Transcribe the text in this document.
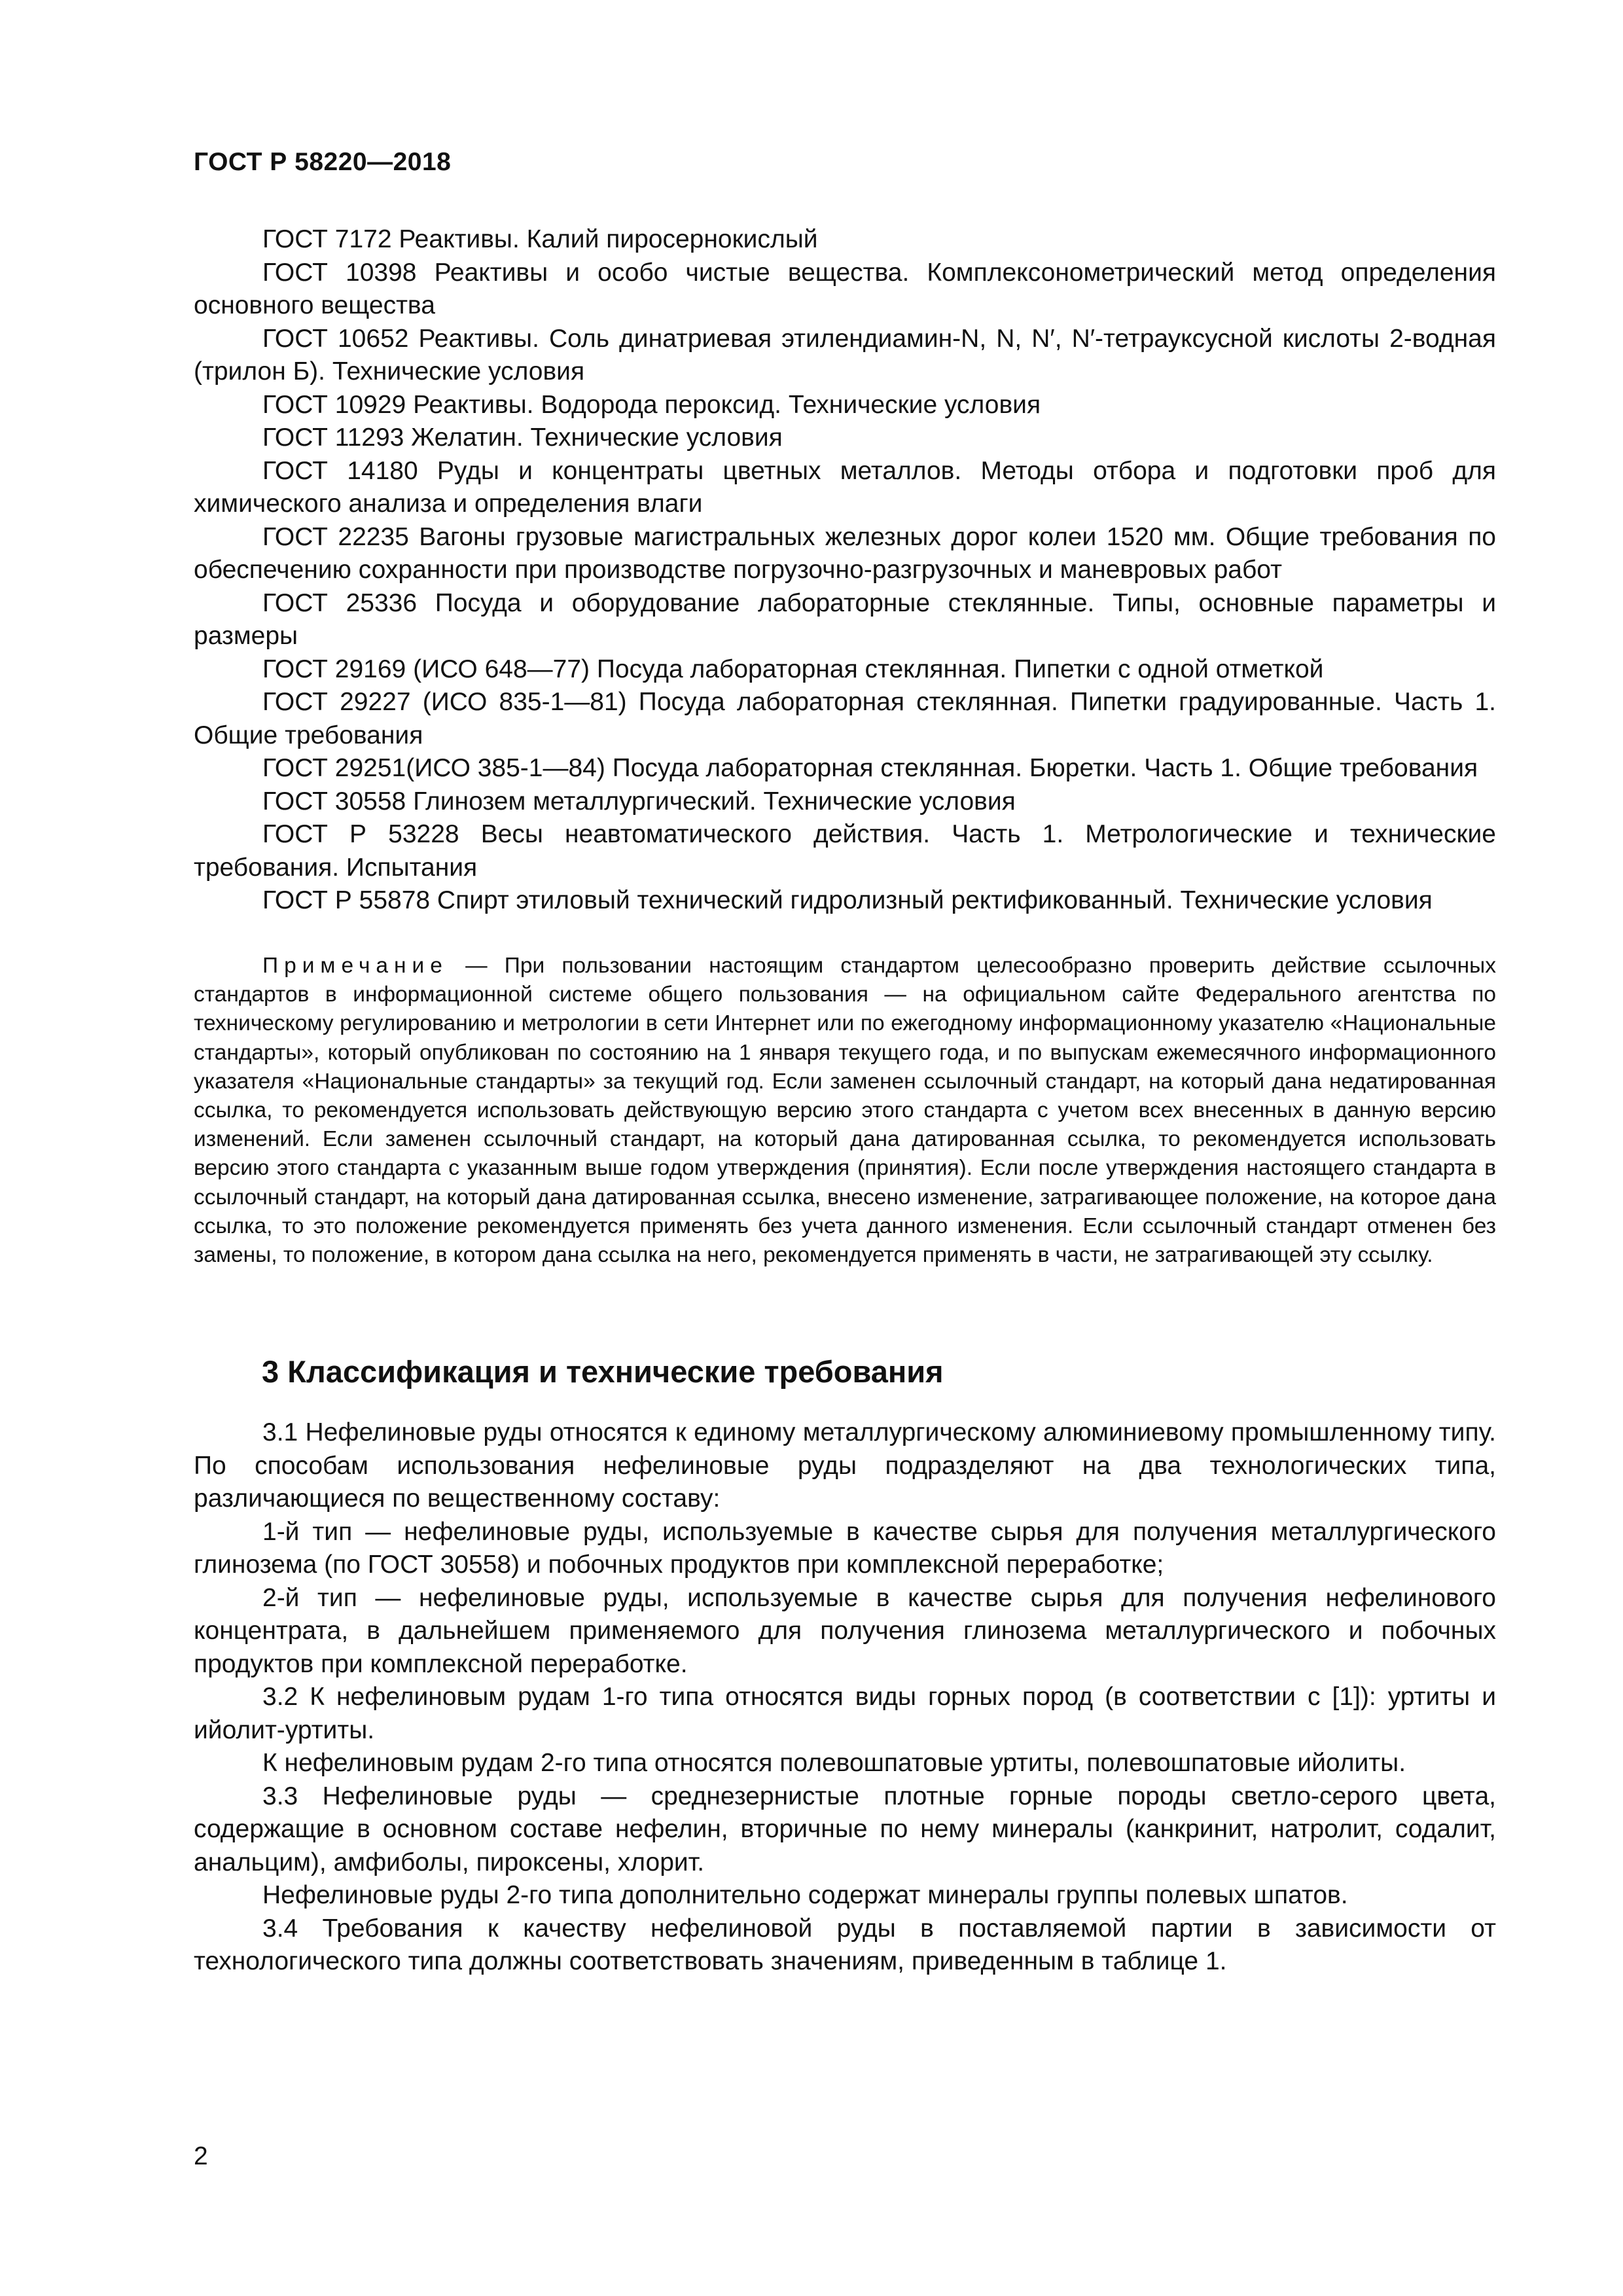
ГОСТ Р 58220—2018

ГОСТ 7172 Реактивы. Калий пиросернокислый

ГОСТ 10398 Реактивы и особо чистые вещества. Комплексонометрический метод определения основного вещества

ГОСТ 10652 Реактивы. Соль динатриевая этилендиамин-N, N, N′, N′-тетрауксусной кислоты 2-водная (трилон Б). Технические условия

ГОСТ 10929 Реактивы. Водорода пероксид. Технические условия

ГОСТ 11293 Желатин. Технические условия

ГОСТ 14180 Руды и концентраты цветных металлов. Методы отбора и подготовки проб для химического анализа и определения влаги

ГОСТ 22235 Вагоны грузовые магистральных железных дорог колеи 1520 мм. Общие требования по обеспечению сохранности при производстве погрузочно-разгрузочных и маневровых работ

ГОСТ 25336 Посуда и оборудование лабораторные стеклянные. Типы, основные параметры и размеры

ГОСТ 29169 (ИСО 648—77) Посуда лабораторная стеклянная. Пипетки с одной отметкой

ГОСТ 29227 (ИСО 835-1—81) Посуда лабораторная стеклянная. Пипетки градуированные. Часть 1. Общие требования

ГОСТ 29251(ИСО 385-1—84) Посуда лабораторная стеклянная. Бюретки. Часть 1. Общие требования

ГОСТ 30558 Глинозем металлургический. Технические условия

ГОСТ Р 53228 Весы неавтоматического действия. Часть 1. Метрологические и технические требования. Испытания

ГОСТ Р 55878 Спирт этиловый технический гидролизный ректификованный. Технические условия

Примечание — При пользовании настоящим стандартом целесообразно проверить действие ссылочных стандартов в информационной системе общего пользования — на официальном сайте Федерального агентства по техническому регулированию и метрологии в сети Интернет или по ежегодному информационному указателю «Национальные стандарты», который опубликован по состоянию на 1 января текущего года, и по выпускам ежемесячного информационного указателя «Национальные стандарты» за текущий год. Если заменен ссылочный стандарт, на который дана недатированная ссылка, то рекомендуется использовать действующую версию этого стандарта с учетом всех внесенных в данную версию изменений. Если заменен ссылочный стандарт, на который дана датированная ссылка, то рекомендуется использовать версию этого стандарта с указанным выше годом утверждения (принятия). Если после утверждения настоящего стандарта в ссылочный стандарт, на который дана датированная ссылка, внесено изменение, затрагивающее положение, на которое дана ссылка, то это положение рекомендуется применять без учета данного изменения. Если ссылочный стандарт отменен без замены, то положение, в котором дана ссылка на него, рекомендуется применять в части, не затрагивающей эту ссылку.

3 Классификация и технические требования

3.1 Нефелиновые руды относятся к единому металлургическому алюминиевому промышленному типу. По способам использования нефелиновые руды подразделяют на два технологических типа, различающиеся по вещественному составу:

1-й тип — нефелиновые руды, используемые в качестве сырья для получения металлургического глинозема (по ГОСТ 30558) и побочных продуктов при комплексной переработке;

2-й тип — нефелиновые руды, используемые в качестве сырья для получения нефелинового концентрата, в дальнейшем применяемого для получения глинозема металлургического и побочных продуктов при комплексной переработке.

3.2 К нефелиновым рудам 1-го типа относятся виды горных пород (в соответствии с [1]): уртиты и ийолит-уртиты.

К нефелиновым рудам 2-го типа относятся полевошпатовые уртиты, полевошпатовые ийолиты.

3.3 Нефелиновые руды — среднезернистые плотные горные породы светло-серого цвета, содержащие в основном составе нефелин, вторичные по нему минералы (канкринит, натролит, содалит, анальцим), амфиболы, пироксены, хлорит.

Нефелиновые руды 2-го типа дополнительно содержат минералы группы полевых шпатов.

3.4 Требования к качеству нефелиновой руды в поставляемой партии в зависимости от технологического типа должны соответствовать значениям, приведенным в таблице 1.

2
